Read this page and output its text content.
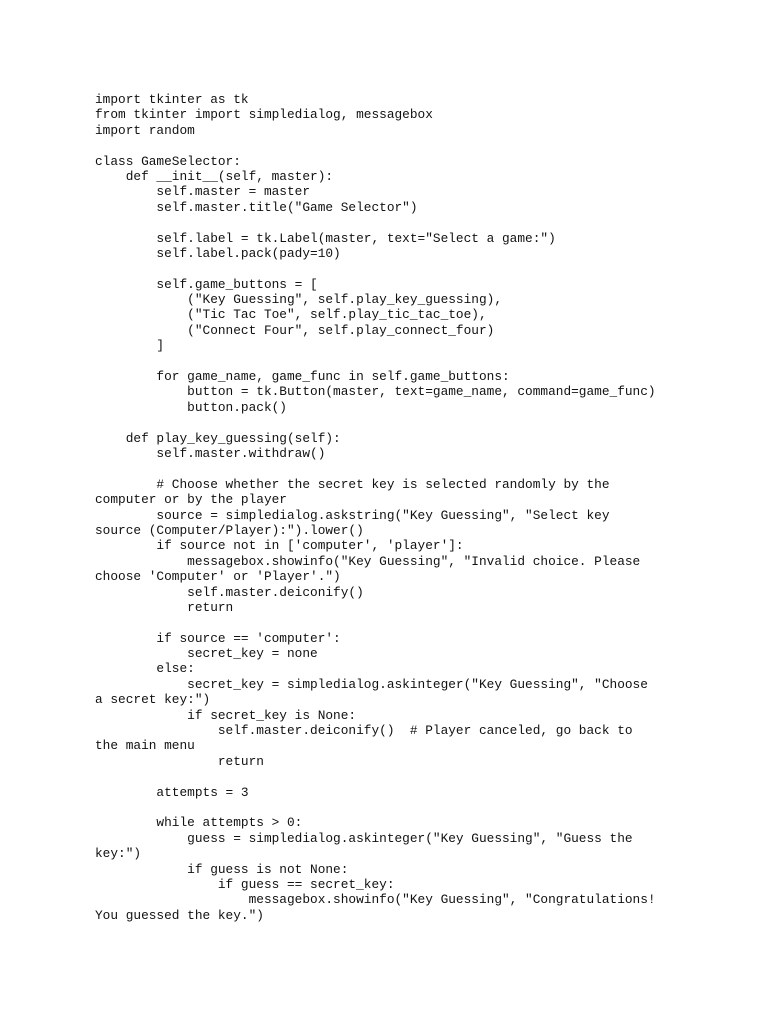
import tkinter as tk
from tkinter import simpledialog, messagebox
import random

class GameSelector:
def __init__(self, master):
self.master = master
self.master.title("Game Selector")

self.label = tk.Label(master, text="Select a game:")
self.label.pack(pady=10)

self.game_buttons = [
("Key Guessing", self.play_key_guessing),
("Tic Tac Toe", self.play_tic_tac_toe),
("Connect Four", self.play_connect_four)
]

for game_name, game_func in self.game_buttons:
button = tk.Button(master, text=game_name, command=game_func)
button.pack()

def play_key_guessing(self):
self.master.withdraw()

# Choose whether the secret key is selected randomly by the
computer or by the player
source = simpledialog.askstring("Key Guessing", "Select key
source (Computer/Player):").lower()
if source not in ['computer', 'player']:
messagebox.showinfo("Key Guessing", "Invalid choice. Please
choose 'Computer' or 'Player'.")
self.master.deiconify()
return

if source == 'computer':
secret_key = none
else:
secret_key = simpledialog.askinteger("Key Guessing", "Choose
a secret key:")
if secret_key is None:
self.master.deiconify()  # Player canceled, go back to
the main menu
return

attempts = 3

while attempts > 0:
guess = simpledialog.askinteger("Key Guessing", "Guess the
key:")
if guess is not None:
if guess == secret_key:
messagebox.showinfo("Key Guessing", "Congratulations!
You guessed the key.")
